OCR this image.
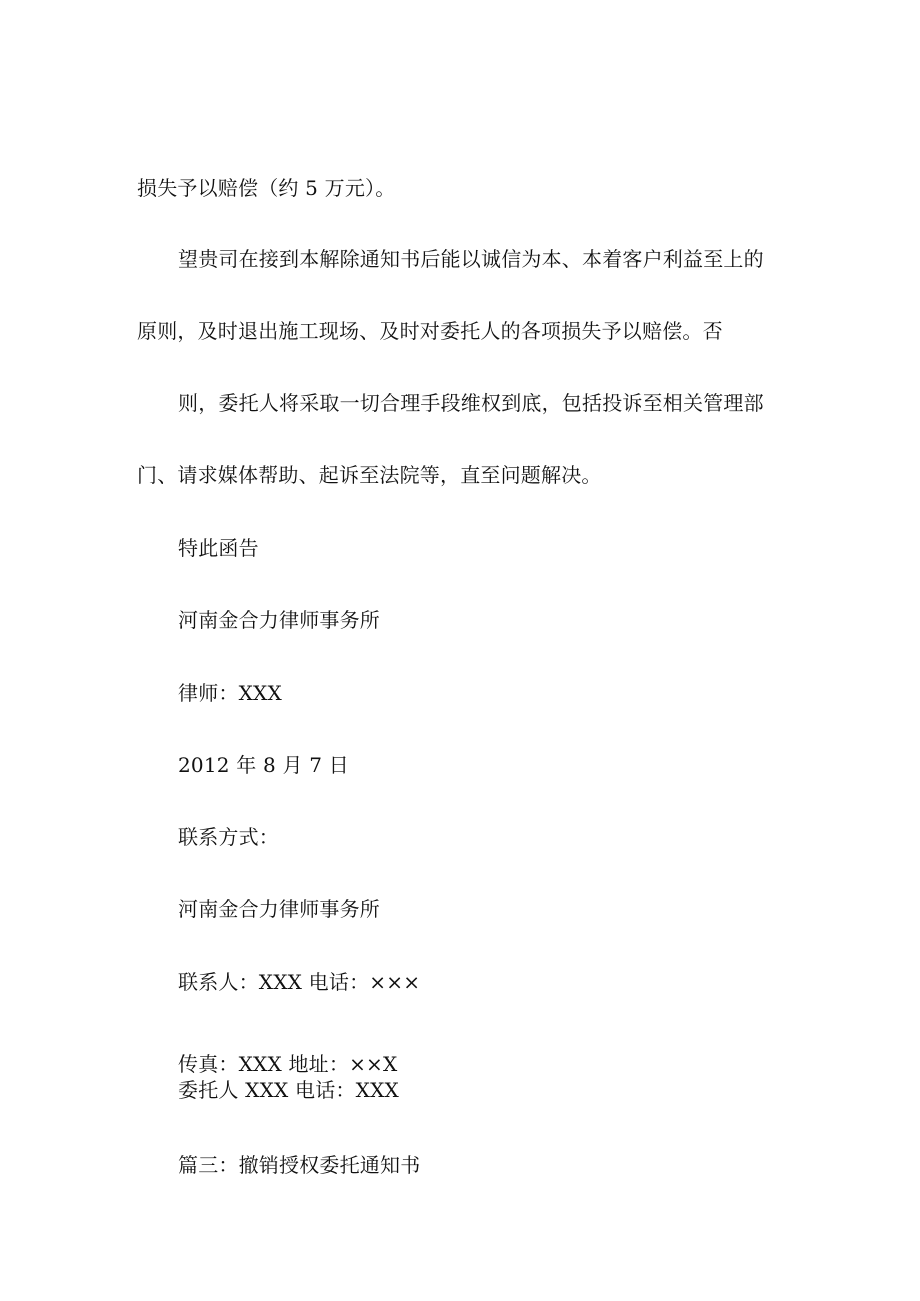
损失予以赔偿（约 5 万元）。
望贵司在接到本解除通知书后能以诚信为本、本着客户利益至上的
原则，及时退出施工现场、及时对委托人的各项损失予以赔偿。否
则，委托人将采取一切合理手段维权到底，包括投诉至相关管理部
门、请求媒体帮助、起诉至法院等，直至问题解决。
特此函告
河南金合力律师事务所
律师：XXX
2012 年 8 月 7 日
联系方式：
河南金合力律师事务所
联系人：XXX 电话：×××
传真：XXX 地址：××X
委托人 XXX 电话：XXX
篇三：撤销授权委托通知书
